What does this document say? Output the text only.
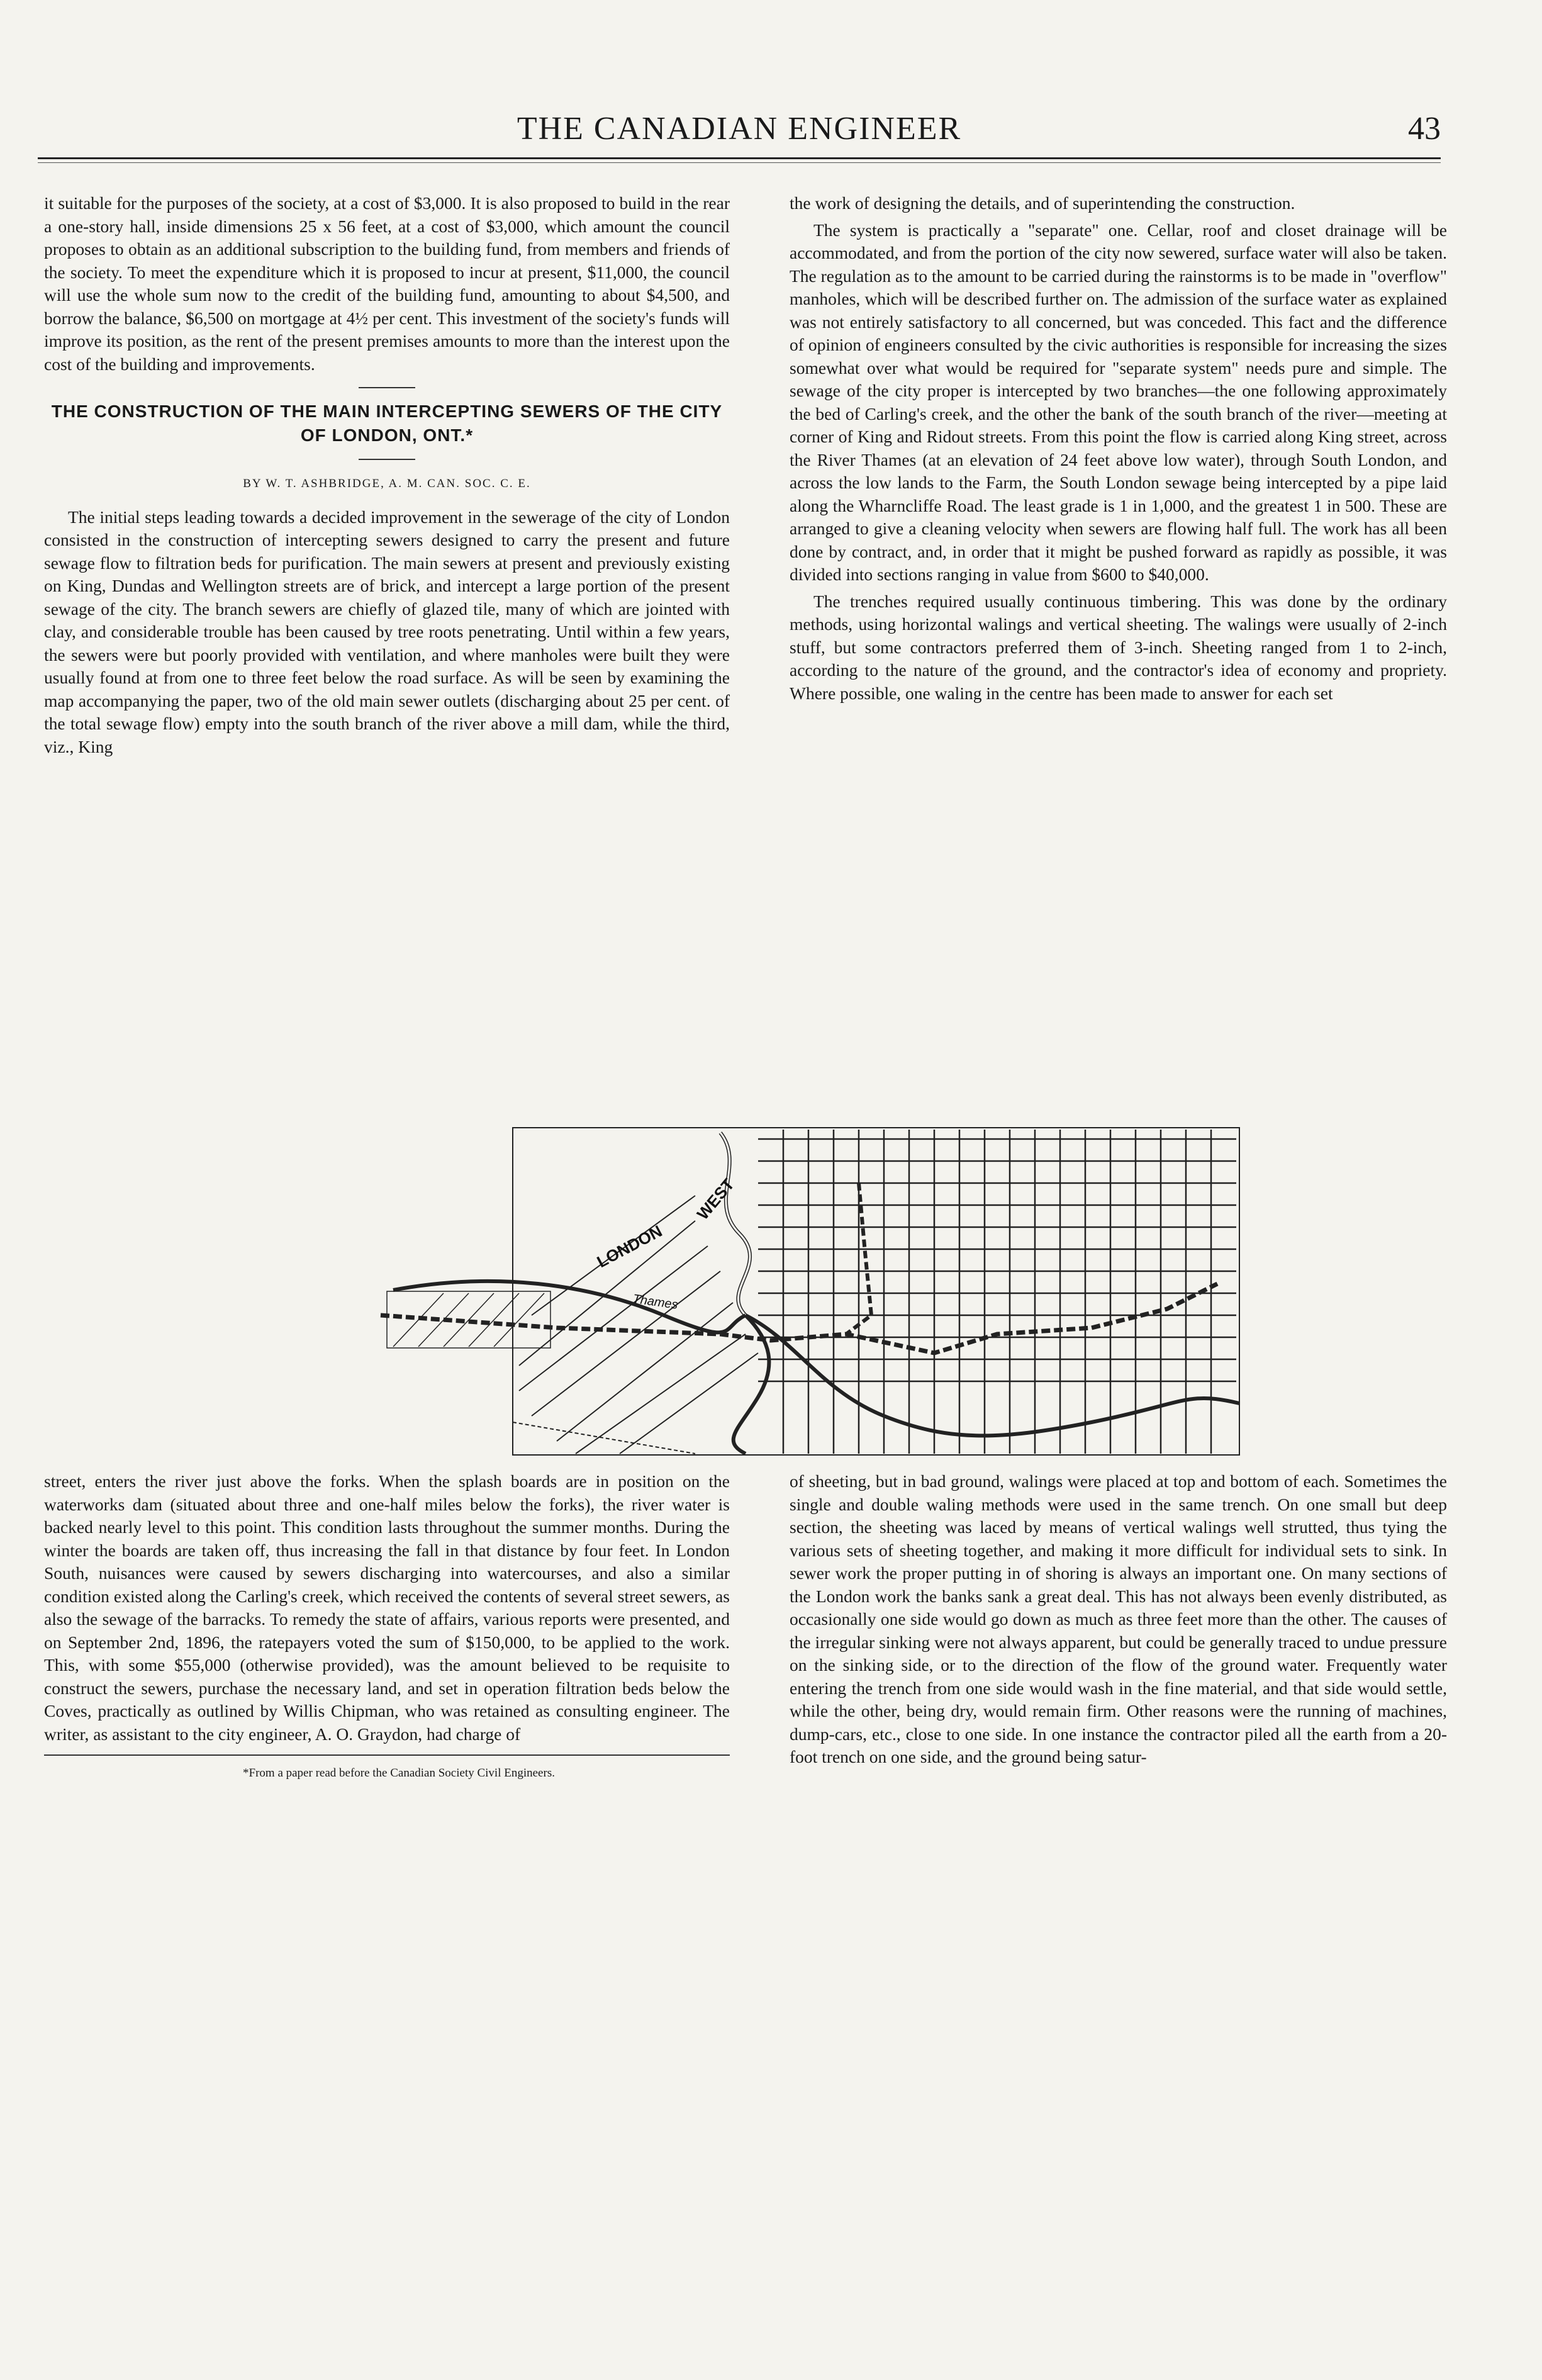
THE CANADIAN ENGINEER	43

it suitable for the purposes of the society, at a cost of $3,000. It is also proposed to build in the rear a one-story hall, inside dimensions 25 x 56 feet, at a cost of $3,000, which amount the council proposes to obtain as an additional subscription to the building fund, from members and friends of the society. To meet the expenditure which it is proposed to incur at present, $11,000, the council will use the whole sum now to the credit of the building fund, amounting to about $4,500, and borrow the balance, $6,500 on mortgage at 4½ per cent. This investment of the society's funds will improve its position, as the rent of the present premises amounts to more than the interest upon the cost of the building and improvements.

THE CONSTRUCTION OF THE MAIN INTERCEPTING SEWERS OF THE CITY OF LONDON, ONT.*
BY W. T. ASHBRIDGE, A. M. CAN. SOC. C. E.

The initial steps leading towards a decided improvement in the sewerage of the city of London consisted in the construction of intercepting sewers designed to carry the present and future sewage flow to filtration beds for purification. The main sewers at present and previously existing on King, Dundas and Wellington streets are of brick, and intercept a large portion of the present sewage of the city. The branch sewers are chiefly of glazed tile, many of which are jointed with clay, and considerable trouble has been caused by tree roots penetrating. Until within a few years, the sewers were but poorly provided with ventilation, and where manholes were built they were usually found at from one to three feet below the road surface. As will be seen by examining the map accompanying the paper, two of the old main sewer outlets (discharging about 25 per cent. of the total sewage flow) empty into the south branch of the river above a mill dam, while the third, viz., King

the work of designing the details, and of superintending the construction.

The system is practically a "separate" one. Cellar, roof and closet drainage will be accommodated, and from the portion of the city now sewered, surface water will also be taken. The regulation as to the amount to be carried during the rainstorms is to be made in "overflow" manholes, which will be described further on. The admission of the surface water as explained was not entirely satisfactory to all concerned, but was conceded. This fact and the difference of opinion of engineers consulted by the civic authorities is responsible for increasing the sizes somewhat over what would be required for "separate system" needs pure and simple. The sewage of the city proper is intercepted by two branches—the one following approximately the bed of Carling's creek, and the other the bank of the south branch of the river—meeting at corner of King and Ridout streets. From this point the flow is carried along King street, across the River Thames (at an elevation of 24 feet above low water), through South London, and across the low lands to the Farm, the South London sewage being intercepted by a pipe laid along the Wharncliffe Road. The least grade is 1 in 1,000, and the greatest 1 in 500. These are arranged to give a cleaning velocity when sewers are flowing half full. The work has all been done by contract, and, in order that it might be pushed forward as rapidly as possible, it was divided into sections ranging in value from $600 to $40,000.

The trenches required usually continuous timbering. This was done by the ordinary methods, using horizontal walings and vertical sheeting. The walings were usually of 2-inch stuff, but some contractors preferred them of 3-inch. Sheeting ranged from 1 to 2-inch, according to the nature of the ground, and the contractor's idea of economy and propriety. Where possible, one waling in the centre has been made to answer for each set

LONDON
WEST
Thames

street, enters the river just above the forks. When the splash boards are in position on the waterworks dam (situated about three and one-half miles below the forks), the river water is backed nearly level to this point. This condition lasts throughout the summer months. During the winter the boards are taken off, thus increasing the fall in that distance by four feet. In London South, nuisances were caused by sewers discharging into watercourses, and also a similar condition existed along the Carling's creek, which received the contents of several street sewers, as also the sewage of the barracks. To remedy the state of affairs, various reports were presented, and on September 2nd, 1896, the ratepayers voted the sum of $150,000, to be applied to the work. This, with some $55,000 (otherwise provided), was the amount believed to be requisite to construct the sewers, purchase the necessary land, and set in operation filtration beds below the Coves, practically as outlined by Willis Chipman, who was retained as consulting engineer. The writer, as assistant to the city engineer, A. O. Graydon, had charge of

*From a paper read before the Canadian Society Civil Engineers.

of sheeting, but in bad ground, walings were placed at top and bottom of each. Sometimes the single and double waling methods were used in the same trench. On one small but deep section, the sheeting was laced by means of vertical walings well strutted, thus tying the various sets of sheeting together, and making it more difficult for individual sets to sink. In sewer work the proper putting in of shoring is always an important one. On many sections of the London work the banks sank a great deal. This has not always been evenly distributed, as occasionally one side would go down as much as three feet more than the other. The causes of the irregular sinking were not always apparent, but could be generally traced to undue pressure on the sinking side, or to the direction of the flow of the ground water. Frequently water entering the trench from one side would wash in the fine material, and that side would settle, while the other, being dry, would remain firm. Other reasons were the running of machines, dump-cars, etc., close to one side. In one instance the contractor piled all the earth from a 20-foot trench on one side, and the ground being satur-
